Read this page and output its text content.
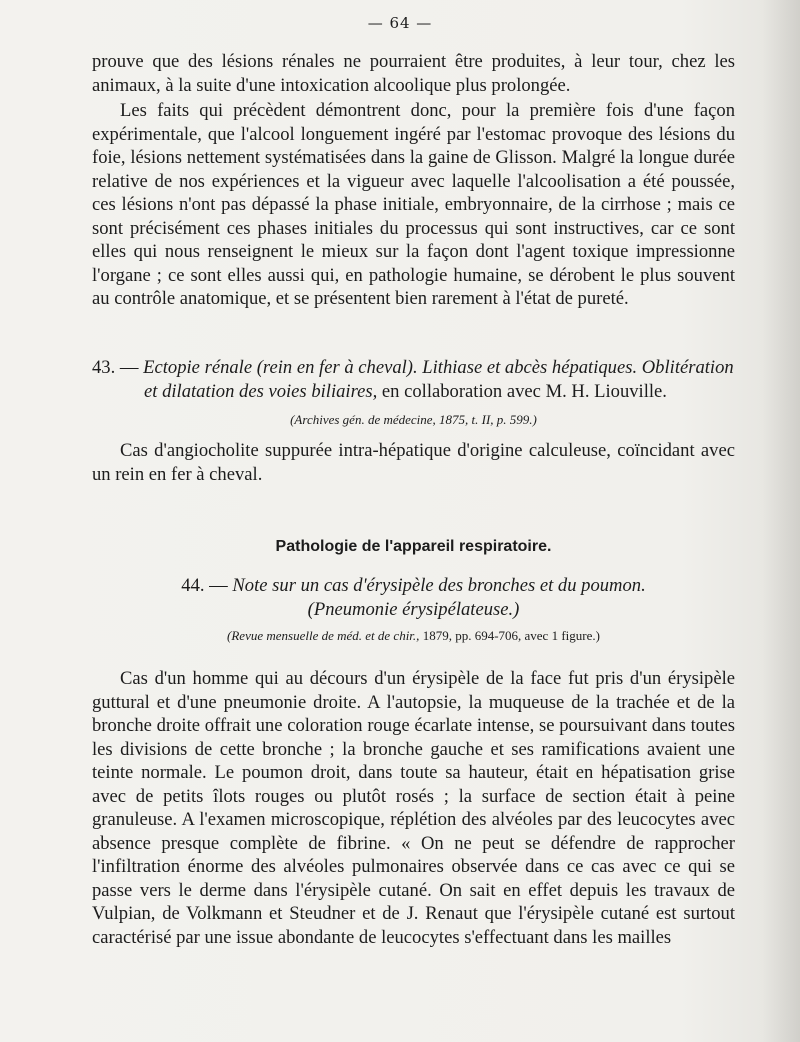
— 64 —

prouve que des lésions rénales ne pourraient être produites, à leur tour, chez les animaux, à la suite d'une intoxication alcoolique plus prolongée.

Les faits qui précèdent démontrent donc, pour la première fois d'une façon expérimentale, que l'alcool longuement ingéré par l'estomac provoque des lésions du foie, lésions nettement systématisées dans la gaine de Glisson. Malgré la longue durée relative de nos expériences et la vigueur avec laquelle l'alcoolisation a été poussée, ces lésions n'ont pas dépassé la phase initiale, embryonnaire, de la cirrhose ; mais ce sont précisément ces phases initiales du processus qui sont instructives, car ce sont elles qui nous renseignent le mieux sur la façon dont l'agent toxique impressionne l'organe ; ce sont elles aussi qui, en pathologie humaine, se dérobent le plus souvent au contrôle anatomique, et se présentent bien rarement à l'état de pureté.

43. — Ectopie rénale (rein en fer à cheval). Lithiase et abcès hépatiques. Oblitération

et dilatation des voies biliaires, en collaboration avec M. H. Liouville.

(Archives gén. de médecine, 1875, t. II, p. 599.)

Cas d'angiocholite suppurée intra-hépatique d'origine calculeuse, coïncidant avec un rein en fer à cheval.

Pathologie de l'appareil respiratoire.

44. — Note sur un cas d'érysipèle des bronches et du poumon.

(Pneumonie érysipélateuse.)

(Revue mensuelle de méd. et de chir., 1879, pp. 694-706, avec 1 figure.)

Cas d'un homme qui au décours d'un érysipèle de la face fut pris d'un érysipèle guttural et d'une pneumonie droite. A l'autopsie, la muqueuse de la trachée et de la bronche droite offrait une coloration rouge écarlate intense, se poursuivant dans toutes les divisions de cette bronche ; la bronche gauche et ses ramifications avaient une teinte normale. Le poumon droit, dans toute sa hauteur, était en hépatisation grise avec de petits îlots rouges ou plutôt rosés ; la surface de section était à peine granuleuse. A l'examen microscopique, réplétion des alvéoles par des leucocytes avec absence presque complète de fibrine. « On ne peut se défendre de rapprocher l'infiltration énorme des alvéoles pulmonaires observée dans ce cas avec ce qui se passe vers le derme dans l'érysipèle cutané. On sait en effet depuis les travaux de Vulpian, de Volkmann et Steudner et de J. Renaut que l'érysipèle cutané est surtout caractérisé par une issue abondante de leucocytes s'effectuant dans les mailles
